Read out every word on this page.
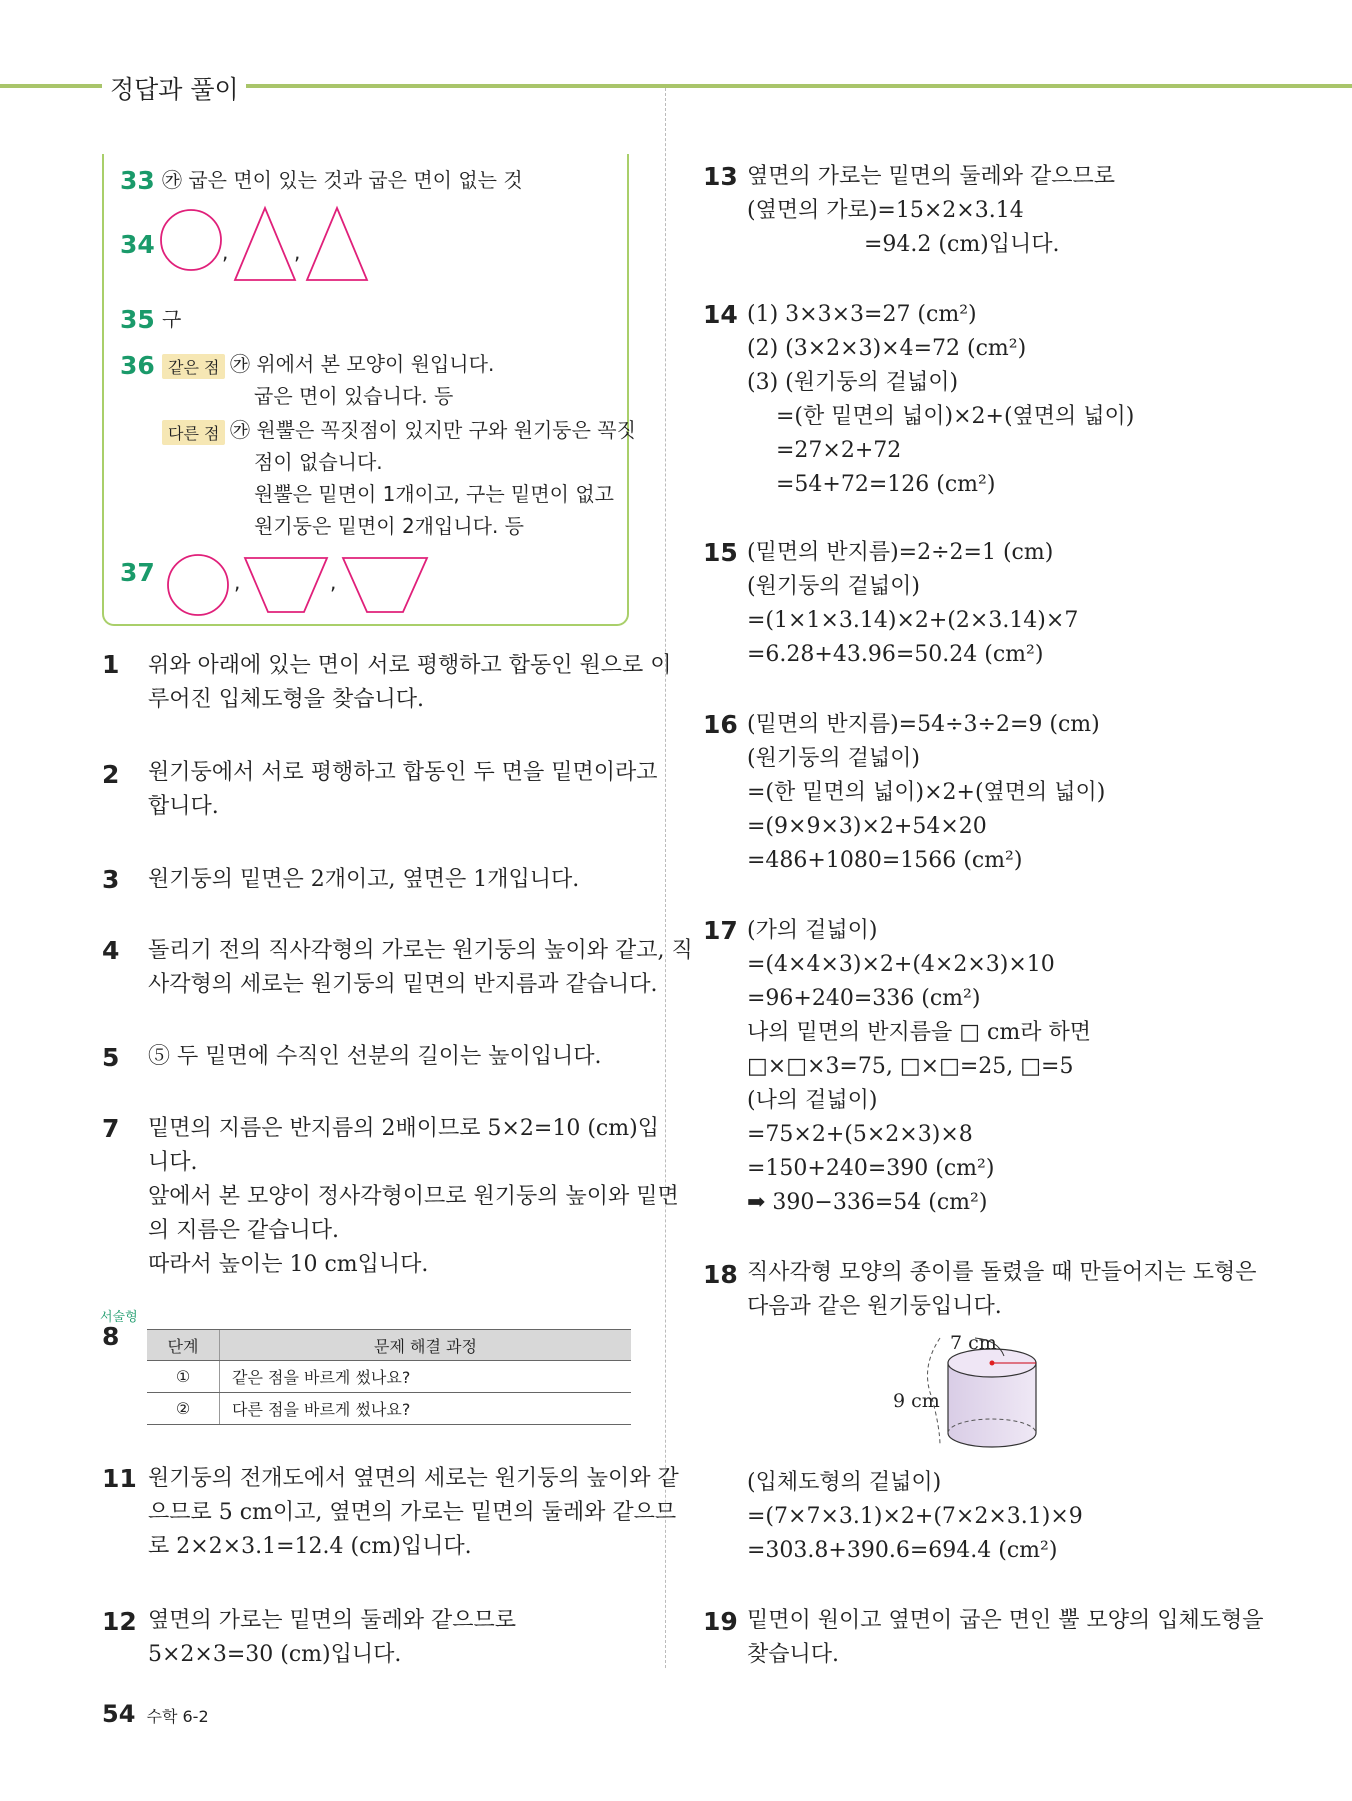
정답과 풀이
33 ㉮ 굽은 면이 있는 것과 굽은 면이 없는 것
34	,	,
35 구
36 같은 점 ㉮ 위에서 본 모양이 원입니다.
굽은 면이 있습니다. 등
다른 점 ㉮ 원뿔은 꼭짓점이 있지만 구와 원기둥은 꼭짓
점이 없습니다.
원뿔은 밑면이 1개이고, 구는 밑면이 없고
원기둥은 밑면이 2개입니다. 등
37	,	,
1 위와 아래에 있는 면이 서로 평행하고 합동인 원으로 이
루어진 입체도형을 찾습니다.
2 원기둥에서 서로 평행하고 합동인 두 면을 밑면이라고
합니다.
3 원기둥의 밑면은 2개이고, 옆면은 1개입니다.
4 돌리기 전의 직사각형의 가로는 원기둥의 높이와 같고, 직
사각형의 세로는 원기둥의 밑면의 반지름과 같습니다.
5 ⑤ 두 밑면에 수직인 선분의 길이는 높이입니다.
7 밑면의 지름은 반지름의 2배이므로 5×2=10 (cm)입
니다.
앞에서 본 모양이 정사각형이므로 원기둥의 높이와 밑면
의 지름은 같습니다.
따라서 높이는 10 cm입니다.
서술형
8	단계	문제 해결 과정
①	같은 점을 바르게 썼나요?
②	다른 점을 바르게 썼나요?
11 원기둥의 전개도에서 옆면의 세로는 원기둥의 높이와 같
으므로 5 cm이고, 옆면의 가로는 밑면의 둘레와 같으므
로 2×2×3.1=12.4 (cm)입니다.
12 옆면의 가로는 밑면의 둘레와 같으므로
5×2×3=30 (cm)입니다.
13 옆면의 가로는 밑면의 둘레와 같으므로
(옆면의 가로)=15×2×3.14
=94.2 (cm)입니다.
14 (1) 3×3×3=27 (cm²)
(2) (3×2×3)×4=72 (cm²)
(3) (원기둥의 겉넓이)
=(한 밑면의 넓이)×2+(옆면의 넓이)
=27×2+72
=54+72=126 (cm²)
15 (밑면의 반지름)=2÷2=1 (cm)
(원기둥의 겉넓이)
=(1×1×3.14)×2+(2×3.14)×7
=6.28+43.96=50.24 (cm²)
16 (밑면의 반지름)=54÷3÷2=9 (cm)
(원기둥의 겉넓이)
=(한 밑면의 넓이)×2+(옆면의 넓이)
=(9×9×3)×2+54×20
=486+1080=1566 (cm²)
17 (가의 겉넓이)
=(4×4×3)×2+(4×2×3)×10
=96+240=336 (cm²)
나의 밑면의 반지름을 □ cm라 하면
□×□×3=75, □×□=25, □=5
(나의 겉넓이)
=75×2+(5×2×3)×8
=150+240=390 (cm²)
➡ 390−336=54 (cm²)
18 직사각형 모양의 종이를 돌렸을 때 만들어지는 도형은
다음과 같은 원기둥입니다.
7 cm
9 cm
(입체도형의 겉넓이)
=(7×7×3.1)×2+(7×2×3.1)×9
=303.8+390.6=694.4 (cm²)
19 밑면이 원이고 옆면이 굽은 면인 뿔 모양의 입체도형을
찾습니다.
54 수학 6-2
